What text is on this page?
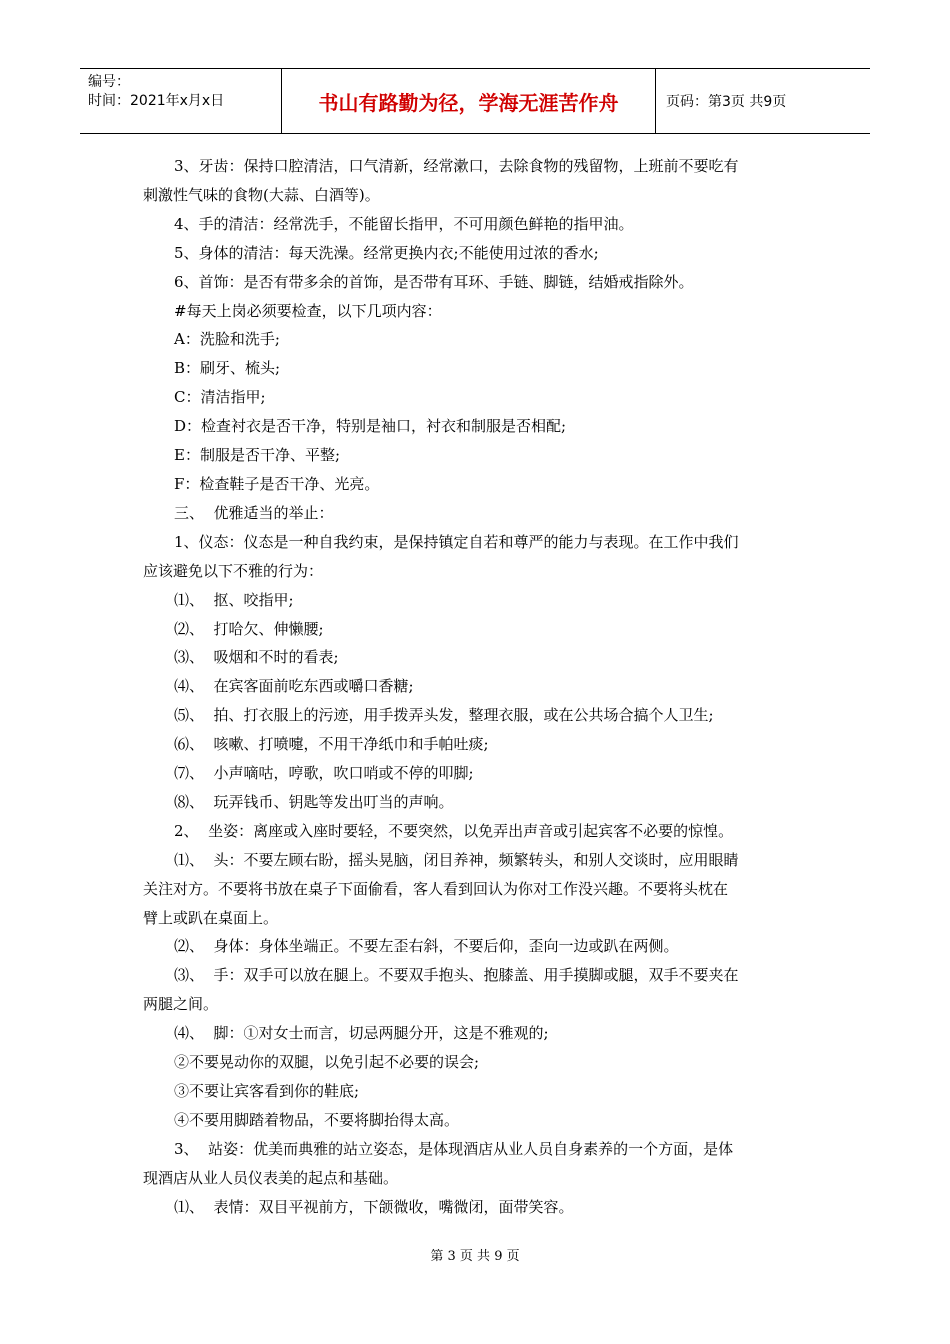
编号：
时间：2021年x月x日	书山有路勤为径，学海无涯苦作舟	页码：第3页 共9页

3、牙齿：保持口腔清洁，口气清新，经常漱口，去除食物的残留物，上班前不要吃有

刺激性气味的食物(大蒜、白酒等)。

4、手的清洁：经常洗手，不能留长指甲，不可用颜色鲜艳的指甲油。

5、身体的清洁：每天洗澡。经常更换内衣;不能使用过浓的香水;

6、首饰：是否有带多余的首饰，是否带有耳环、手链、脚链，结婚戒指除外。

#每天上岗必须要检查，以下几项内容：

A：洗脸和洗手;

B：刷牙、梳头;

C：清洁指甲;

D：检查衬衣是否干净，特别是袖口，衬衣和制服是否相配;

E：制服是否干净、平整;

F：检查鞋子是否干净、光亮。

三、  优雅适当的举止：

1、仪态：仪态是一种自我约束，是保持镇定自若和尊严的能力与表现。在工作中我们

应该避免以下不雅的行为：

⑴、  抠、咬指甲;

⑵、  打哈欠、伸懒腰;

⑶、  吸烟和不时的看表;

⑷、  在宾客面前吃东西或嚼口香糖;

⑸、  拍、打衣服上的污迹，用手拨弄头发，整理衣服，或在公共场合搞个人卫生;

⑹、  咳嗽、打喷嚏，不用干净纸巾和手帕吐痰;

⑺、  小声嘀咕，哼歌，吹口哨或不停的叩脚;

⑻、  玩弄钱币、钥匙等发出叮当的声响。

2、  坐姿：离座或入座时要轻，不要突然，以免弄出声音或引起宾客不必要的惊惶。

⑴、  头：不要左顾右盼，摇头晃脑，闭目养神，频繁转头，和别人交谈时，应用眼睛

关注对方。不要将书放在桌子下面偷看，客人看到回认为你对工作没兴趣。不要将头枕在

臂上或趴在桌面上。

⑵、  身体：身体坐端正。不要左歪右斜，不要后仰，歪向一边或趴在两侧。

⑶、  手：双手可以放在腿上。不要双手抱头、抱膝盖、用手摸脚或腿，双手不要夹在

两腿之间。

⑷、  脚：①对女士而言，切忌两腿分开，这是不雅观的;

②不要晃动你的双腿，以免引起不必要的误会;

③不要让宾客看到你的鞋底;

④不要用脚踏着物品，不要将脚抬得太高。

3、  站姿：优美而典雅的站立姿态，是体现酒店从业人员自身素养的一个方面，是体

现酒店从业人员仪表美的起点和基础。

⑴、  表情：双目平视前方，下颌微收，嘴微闭，面带笑容。

第 3 页 共 9 页
